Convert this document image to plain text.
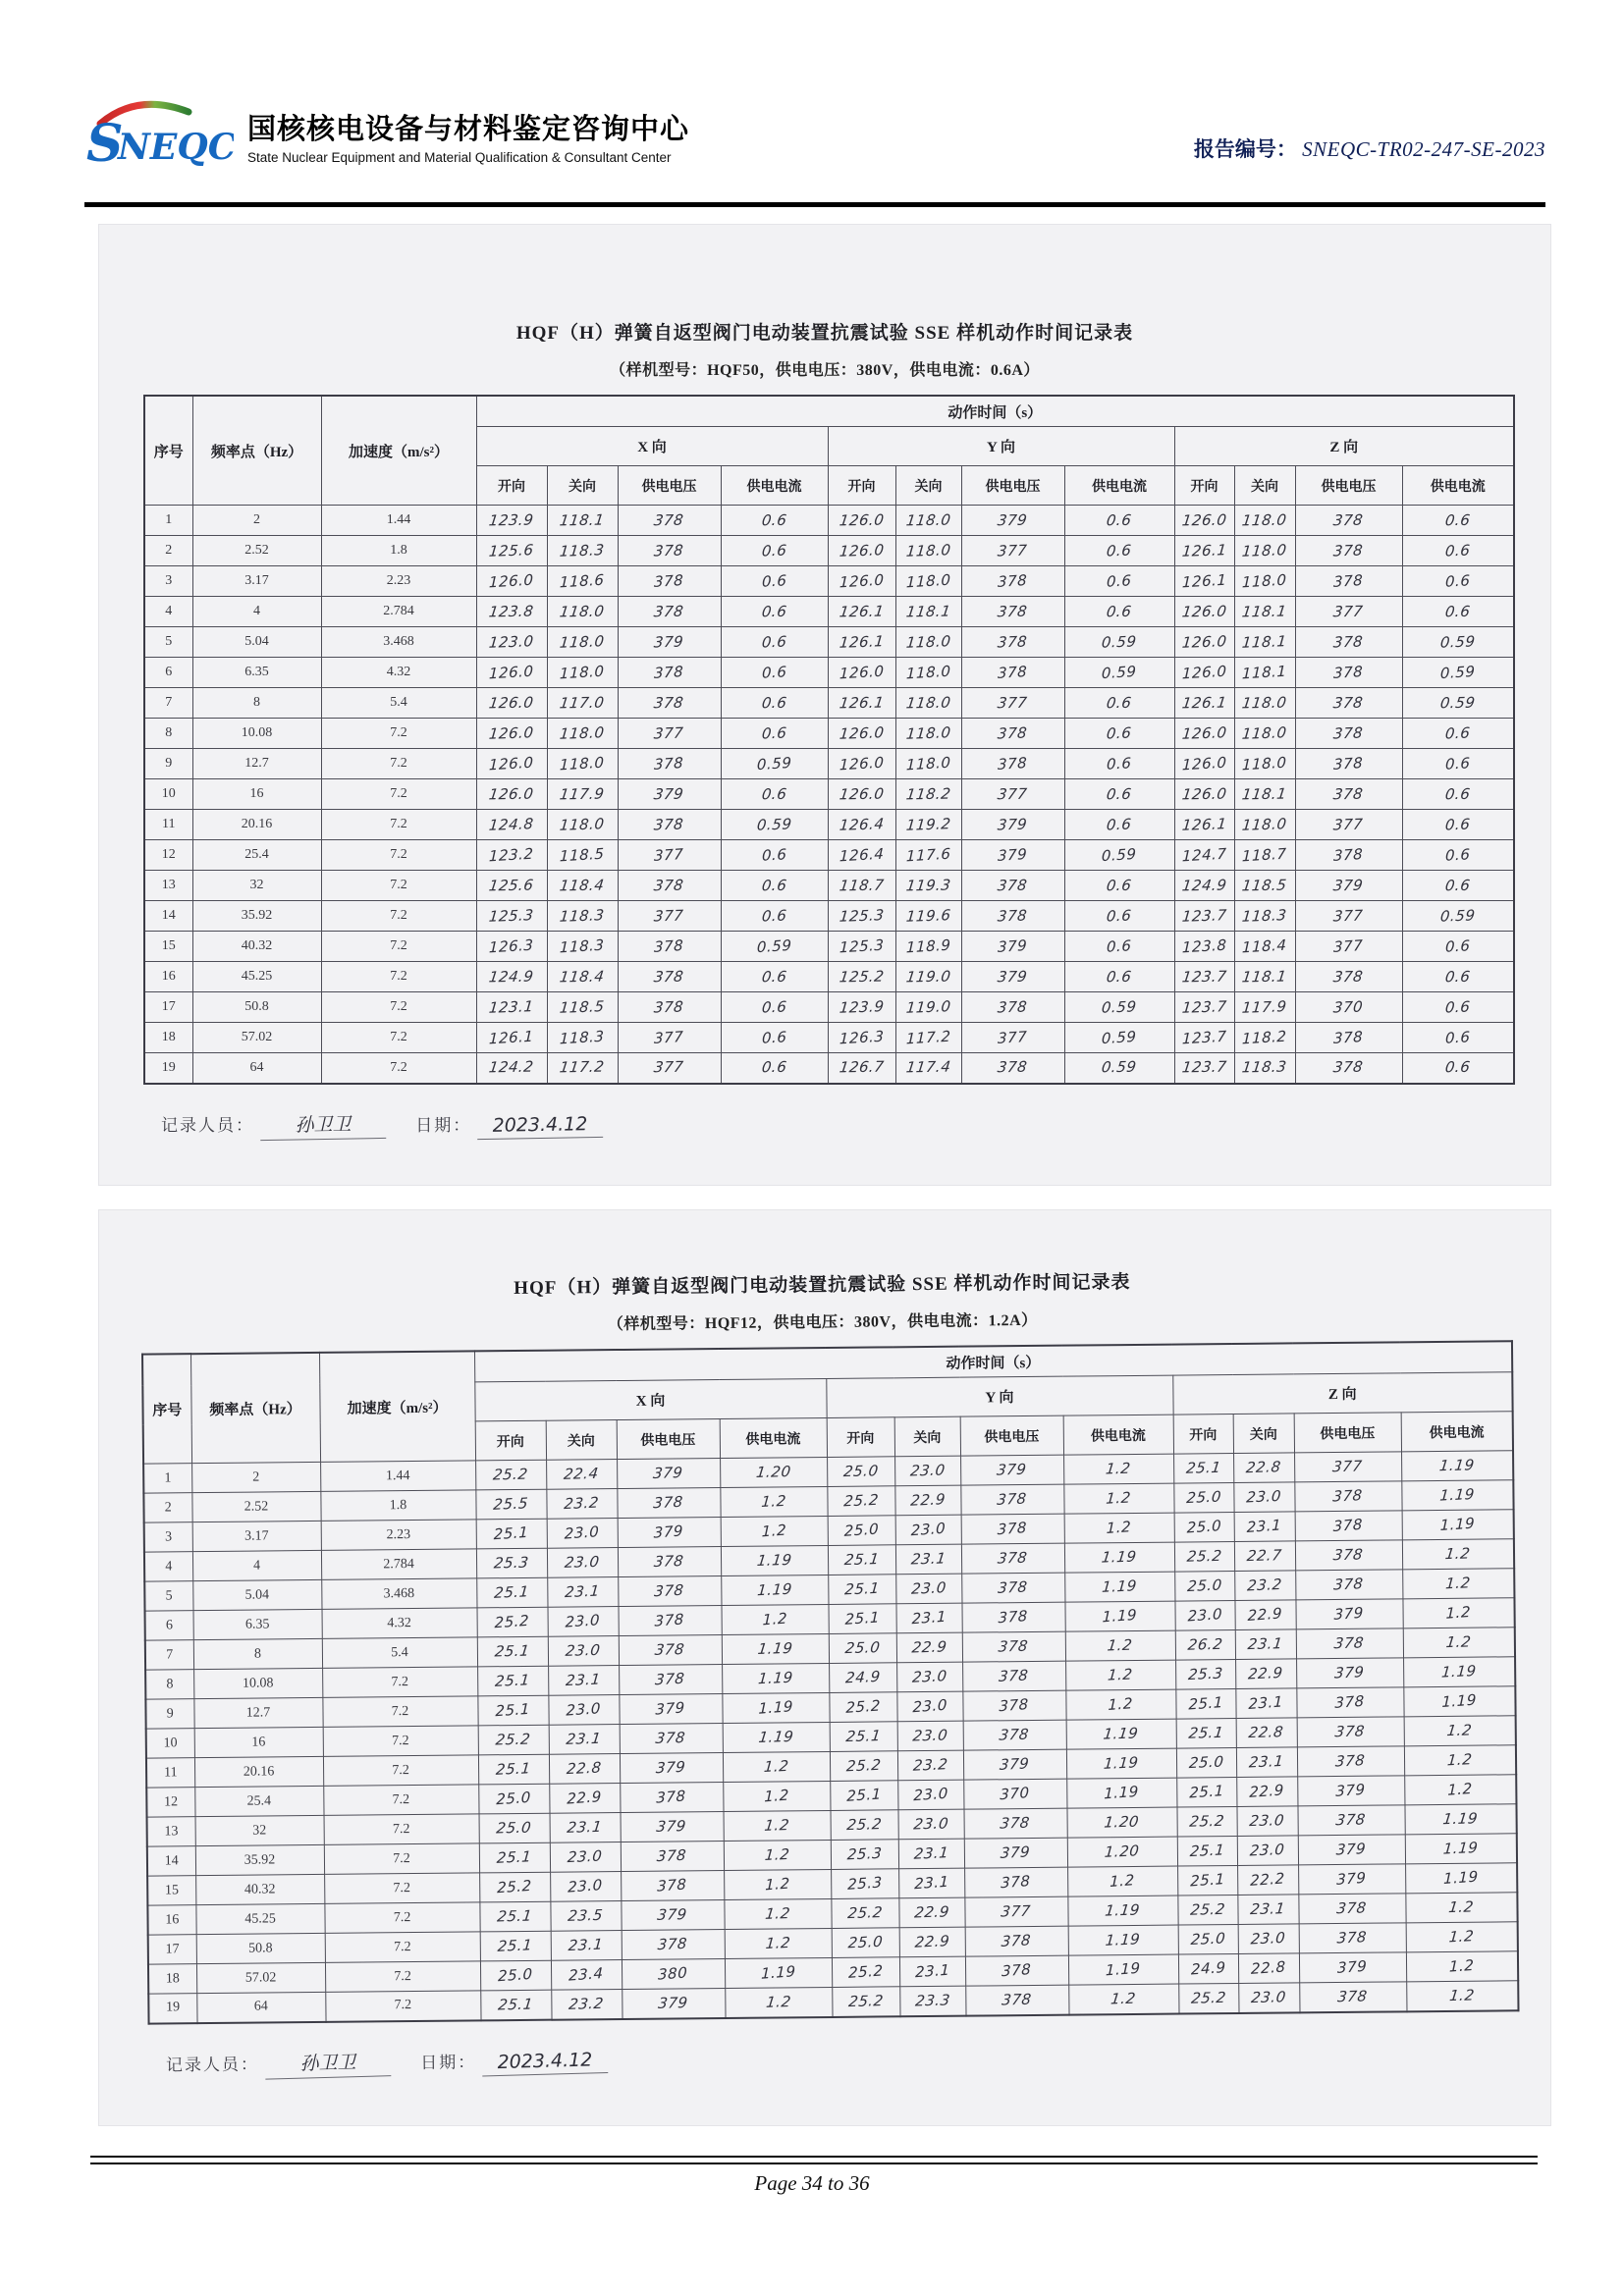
S
NEQC 国核核电设备与材料鉴定咨询中心
State Nuclear Equipment and Material Qualification & Consultant Center	报告编号： SNEQC-TR02-247-SE-2023
HQF（H）弹簧自返型阀门电动装置抗震试验 SSE 样机动作时间记录表
（样机型号：HQF50，供电电压：380V，供电电流：0.6A）
序号	频率点（Hz）	加速度（m/s²）	动作时间（s）											
			X 向				Y 向				Z 向			
			开向	关向	供电电压	供电电流	开向	关向	供电电压	供电电流	开向	关向	供电电压	供电电流
1	2	1.44	123.9	118.1	378	0.6	126.0	118.0	379	0.6	126.0	118.0	378	0.6
2	2.52	1.8	125.6	118.3	378	0.6	126.0	118.0	377	0.6	126.1	118.0	378	0.6
3	3.17	2.23	126.0	118.6	378	0.6	126.0	118.0	378	0.6	126.1	118.0	378	0.6
4	4	2.784	123.8	118.0	378	0.6	126.1	118.1	378	0.6	126.0	118.1	377	0.6
5	5.04	3.468	123.0	118.0	379	0.6	126.1	118.0	378	0.59	126.0	118.1	378	0.59
6	6.35	4.32	126.0	118.0	378	0.6	126.0	118.0	378	0.59	126.0	118.1	378	0.59
7	8	5.4	126.0	117.0	378	0.6	126.1	118.0	377	0.6	126.1	118.0	378	0.59
8	10.08	7.2	126.0	118.0	377	0.6	126.0	118.0	378	0.6	126.0	118.0	378	0.6
9	12.7	7.2	126.0	118.0	378	0.59	126.0	118.0	378	0.6	126.0	118.0	378	0.6
10	16	7.2	126.0	117.9	379	0.6	126.0	118.2	377	0.6	126.0	118.1	378	0.6
11	20.16	7.2	124.8	118.0	378	0.59	126.4	119.2	379	0.6	126.1	118.0	377	0.6
12	25.4	7.2	123.2	118.5	377	0.6	126.4	117.6	379	0.59	124.7	118.7	378	0.6
13	32	7.2	125.6	118.4	378	0.6	118.7	119.3	378	0.6	124.9	118.5	379	0.6
14	35.92	7.2	125.3	118.3	377	0.6	125.3	119.6	378	0.6	123.7	118.3	377	0.59
15	40.32	7.2	126.3	118.3	378	0.59	125.3	118.9	379	0.6	123.8	118.4	377	0.6
16	45.25	7.2	124.9	118.4	378	0.6	125.2	119.0	379	0.6	123.7	118.1	378	0.6
17	50.8	7.2	123.1	118.5	378	0.6	123.9	119.0	378	0.59	123.7	117.9	370	0.6
18	57.02	7.2	126.1	118.3	377	0.6	126.3	117.2	377	0.59	123.7	118.2	378	0.6
19	64	7.2	124.2	117.2	377	0.6	126.7	117.4	378	0.59	123.7	118.3	378	0.6
记录人员： 孙卫卫	日期： 2023.4.12
HQF（H）弹簧自返型阀门电动装置抗震试验 SSE 样机动作时间记录表
（样机型号：HQF12，供电电压：380V，供电电流：1.2A）
序号	频率点（Hz）	加速度（m/s²）	动作时间（s）											
			X 向				Y 向				Z 向			
			开向	关向	供电电压	供电电流	开向	关向	供电电压	供电电流	开向	关向	供电电压	供电电流
1	2	1.44	25.2	22.4	379	1.20	25.0	23.0	379	1.2	25.1	22.8	377	1.19
2	2.52	1.8	25.5	23.2	378	1.2	25.2	22.9	378	1.2	25.0	23.0	378	1.19
3	3.17	2.23	25.1	23.0	379	1.2	25.0	23.0	378	1.2	25.0	23.1	378	1.19
4	4	2.784	25.3	23.0	378	1.19	25.1	23.1	378	1.19	25.2	22.7	378	1.2
5	5.04	3.468	25.1	23.1	378	1.19	25.1	23.0	378	1.19	25.0	23.2	378	1.2
6	6.35	4.32	25.2	23.0	378	1.2	25.1	23.1	378	1.19	23.0	22.9	379	1.2
7	8	5.4	25.1	23.0	378	1.19	25.0	22.9	378	1.2	26.2	23.1	378	1.2
8	10.08	7.2	25.1	23.1	378	1.19	24.9	23.0	378	1.2	25.3	22.9	379	1.19
9	12.7	7.2	25.1	23.0	379	1.19	25.2	23.0	378	1.2	25.1	23.1	378	1.19
10	16	7.2	25.2	23.1	378	1.19	25.1	23.0	378	1.19	25.1	22.8	378	1.2
11	20.16	7.2	25.1	22.8	379	1.2	25.2	23.2	379	1.19	25.0	23.1	378	1.2
12	25.4	7.2	25.0	22.9	378	1.2	25.1	23.0	370	1.19	25.1	22.9	379	1.2
13	32	7.2	25.0	23.1	379	1.2	25.2	23.0	378	1.20	25.2	23.0	378	1.19
14	35.92	7.2	25.1	23.0	378	1.2	25.3	23.1	379	1.20	25.1	23.0	379	1.19
15	40.32	7.2	25.2	23.0	378	1.2	25.3	23.1	378	1.2	25.1	22.2	379	1.19
16	45.25	7.2	25.1	23.5	379	1.2	25.2	22.9	377	1.19	25.2	23.1	378	1.2
17	50.8	7.2	25.1	23.1	378	1.2	25.0	22.9	378	1.19	25.0	23.0	378	1.2
18	57.02	7.2	25.0	23.4	380	1.19	25.2	23.1	378	1.19	24.9	22.8	379	1.2
19	64	7.2	25.1	23.2	379	1.2	25.2	23.3	378	1.2	25.2	23.0	378	1.2
记录人员： 孙卫卫	日期： 2023.4.12
Page 34 to 36
